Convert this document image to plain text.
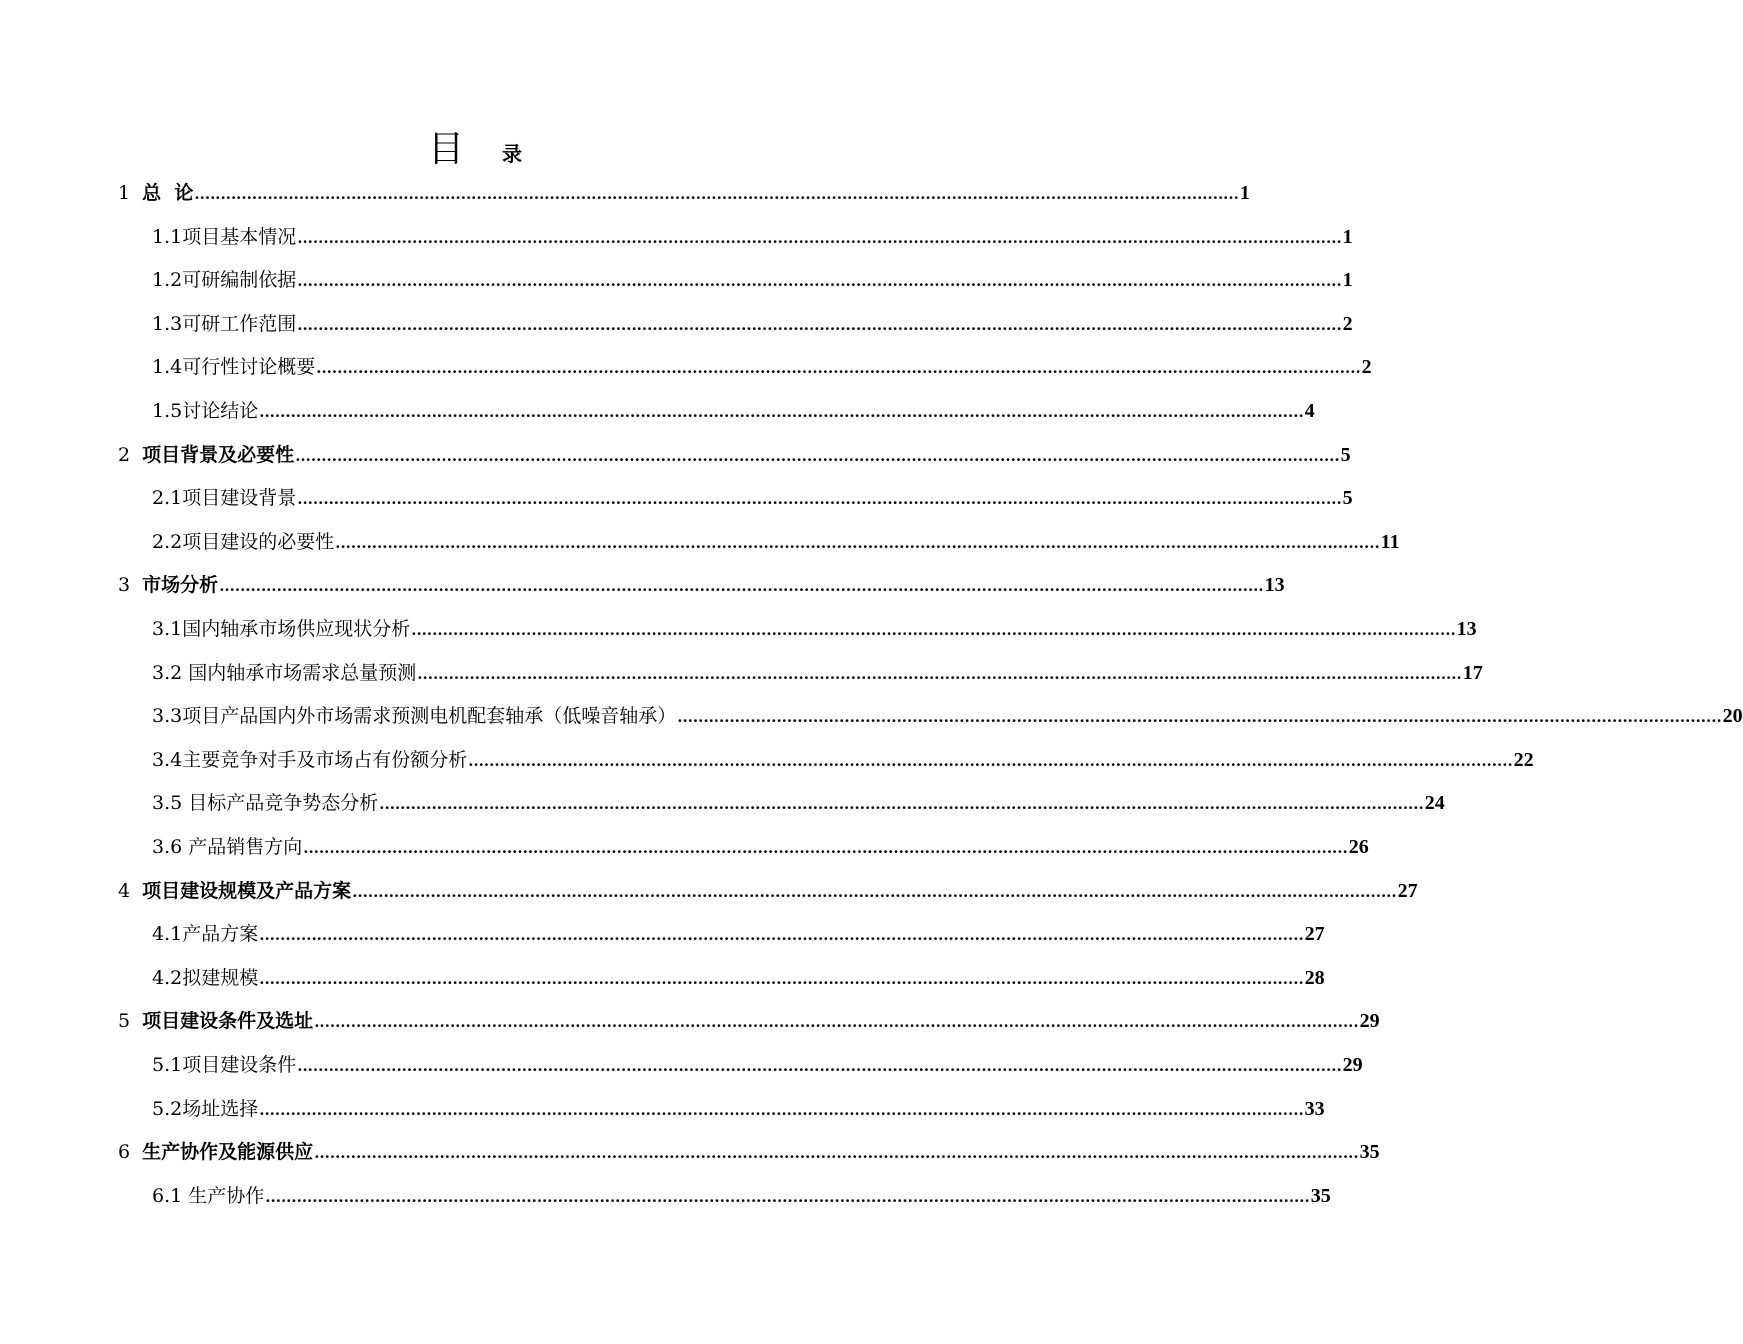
目 录
1 总  论 ........................................................................................................................................................................................................ 1
1.1 项目基本情况 ........................................................................................................................................................................................................ 1
1.2 可研编制依据 ........................................................................................................................................................................................................ 1
1.3 可研工作范围 ........................................................................................................................................................................................................ 2
1.4 可行性讨论概要 ........................................................................................................................................................................................................ 2
1.5 讨论结论 ........................................................................................................................................................................................................ 4
2 项目背景及必要性 ........................................................................................................................................................................................................ 5
2.1 项目建设背景 ........................................................................................................................................................................................................ 5
2.2 项目建设的必要性 ........................................................................................................................................................................................................ 11
3 市场分析 ........................................................................................................................................................................................................ 13
3.1 国内轴承市场供应现状分析 ........................................................................................................................................................................................................ 13
3.2 国内轴承市场需求总量预测 ........................................................................................................................................................................................................ 17
3.3 项目产品国内外市场需求预测电机配套轴承（低噪音轴承） ........................................................................................................................................................................................................ 20
3.4 主要竞争对手及市场占有份额分析 ........................................................................................................................................................................................................ 22
3.5 目标产品竞争势态分析 ........................................................................................................................................................................................................ 24
3.6 产品销售方向 ........................................................................................................................................................................................................ 26
4 项目建设规模及产品方案 ........................................................................................................................................................................................................ 27
4.1 产品方案 ........................................................................................................................................................................................................ 27
4.2 拟建规模 ........................................................................................................................................................................................................ 28
5 项目建设条件及选址 ........................................................................................................................................................................................................ 29
5.1 项目建设条件 ........................................................................................................................................................................................................ 29
5.2 场址选择 ........................................................................................................................................................................................................ 33
6 生产协作及能源供应 ........................................................................................................................................................................................................ 35
6.1 生产协作 ........................................................................................................................................................................................................ 35
